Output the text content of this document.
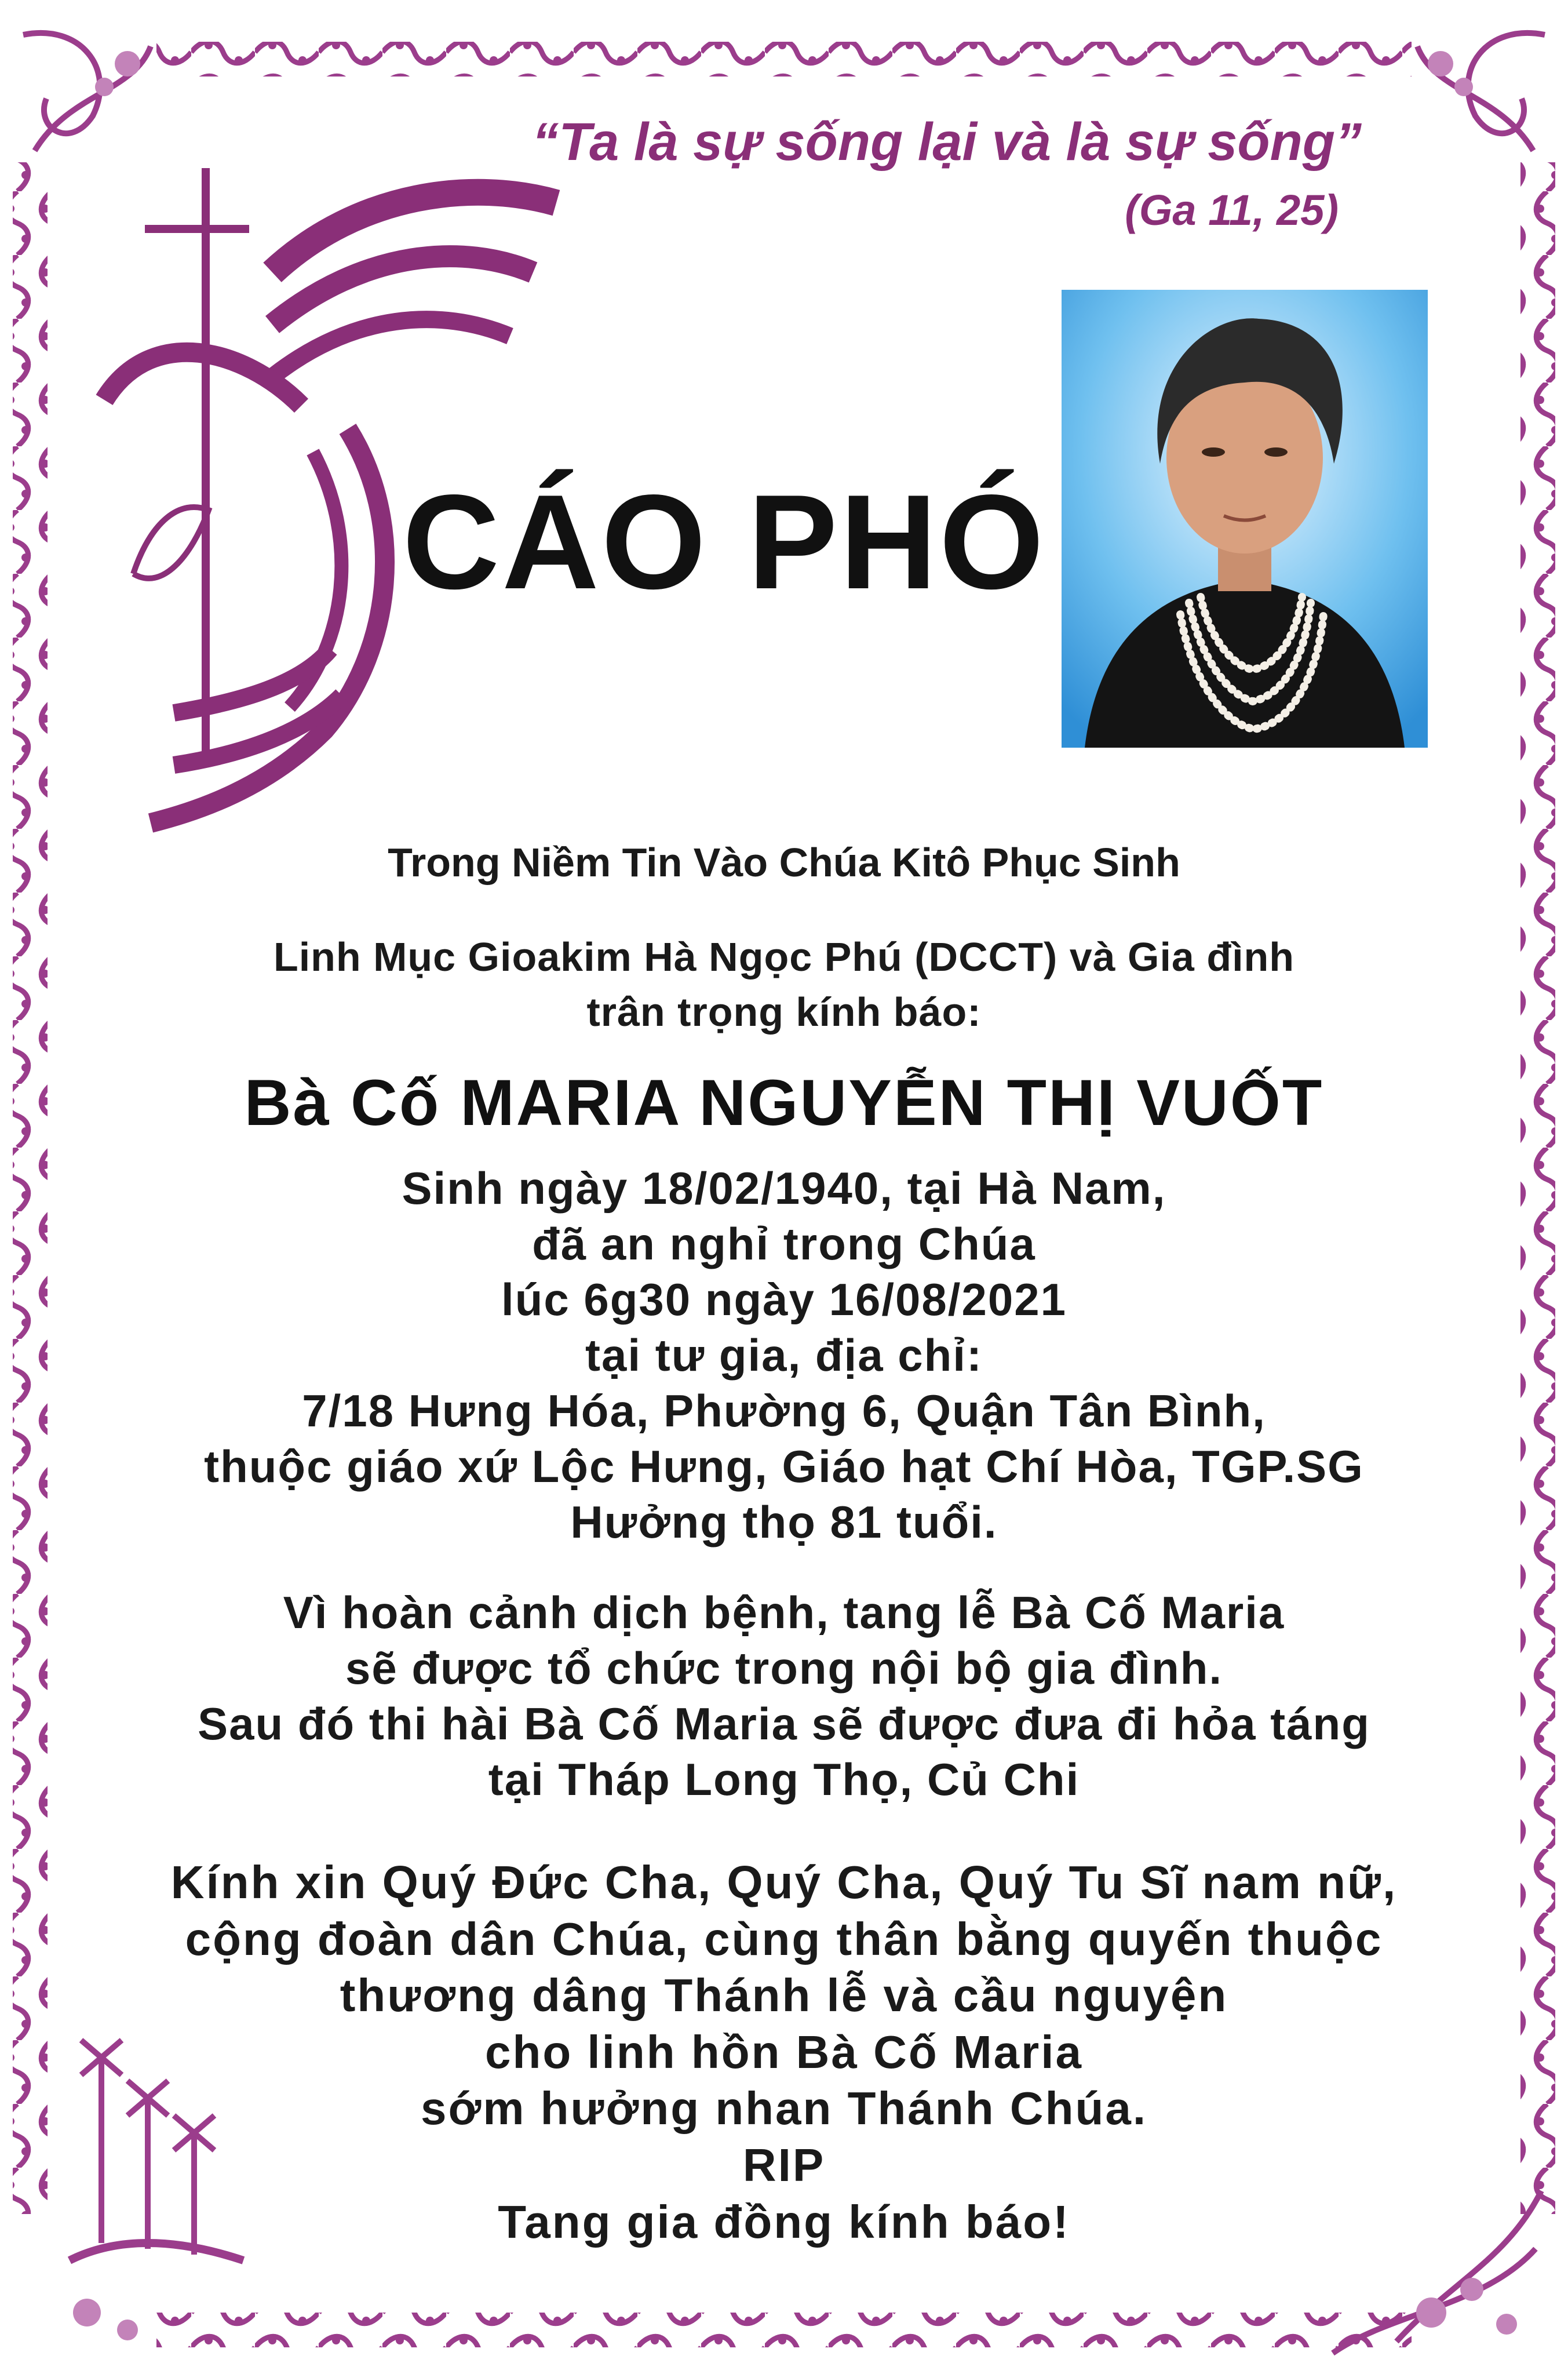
“Ta là sự sống lại và là sự sống”
(Ga 11, 25)
CÁO PHÓ
Trong Niềm Tin Vào Chúa Kitô Phục Sinh
Linh Mục Gioakim Hà Ngọc Phú (DCCT) và Gia đình
trân trọng kính báo:
Bà Cố MARIA NGUYỄN THỊ VUỐT
Sinh ngày 18/02/1940, tại Hà Nam,
đã an nghỉ trong Chúa
lúc 6g30 ngày 16/08/2021
tại tư gia, địa chỉ:
7/18 Hưng Hóa, Phường 6, Quận Tân Bình,
thuộc giáo xứ Lộc Hưng, Giáo hạt Chí Hòa, TGP.SG
Hưởng thọ 81 tuổi.
Vì hoàn cảnh dịch bệnh, tang lễ Bà Cố Maria
sẽ được tổ chức trong nội bộ gia đình.
Sau đó thi hài Bà Cố Maria sẽ được đưa đi hỏa táng
tại Tháp Long Thọ, Củ Chi
Kính xin Quý Đức Cha, Quý Cha, Quý Tu Sĩ nam nữ,
cộng đoàn dân Chúa, cùng thân bằng quyến thuộc
thương dâng Thánh lễ và cầu nguyện
cho linh hồn Bà Cố Maria
sớm hưởng nhan Thánh Chúa.
RIP
Tang gia đồng kính báo!
